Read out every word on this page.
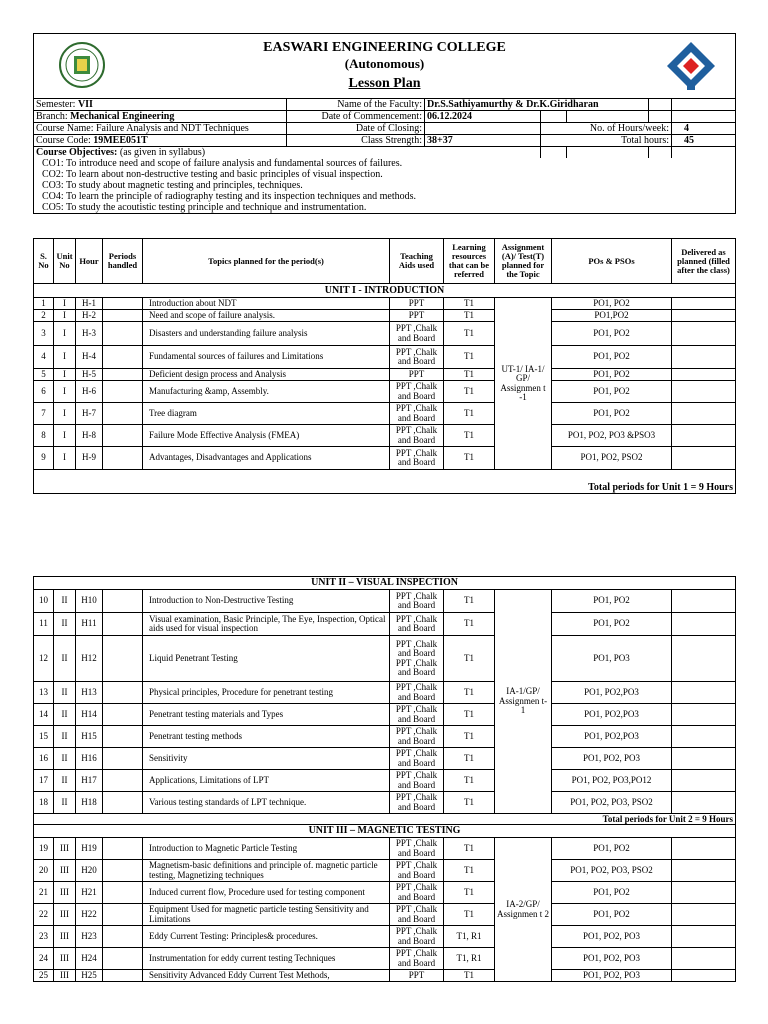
EASWARI ENGINEERING COLLEGE
(Autonomous)
Lesson Plan						

Semester: VII	Name of the Faculty:	Dr.S.Sathiyamurthy & Dr.K.Giridharan				
Branch: Mechanical Engineering	Date of Commencement:	06.12.2024				
Course Name: Failure Analysis and NDT Techniques	Date of Closing:		No. of Hours/week:			4
Course Code: 19MEE051T	Class Strength:	38+37	Total hours:			45
Course Objectives: (as given in syllabus)						
CO1: To introduce need and scope of failure analysis and fundamental sources of failures.						
CO2: To learn about non-destructive testing and basic principles of visual inspection.						
CO3: To study about magnetic testing and principles, techniques.						
CO4: To learn the principle of radiography testing and its inspection techniques and methods.						
CO5: To study the acoutistic testing principle and technique and instrumentation.						
S. No	Unit No	Hour	Periods handled	Topics planned for the period(s)	Teaching Aids used	Learning resources that can be referred	Assignment (A)/ Test(T) planned for the Topic	POs & PSOs	Delivered as planned (filled after the class)
UNIT I - INTRODUCTION									
1	I	H-1		Introduction about NDT	PPT	T1	UT-1/ IA-1/ GP/ Assignmen t -1	PO1, PO2	
2	I	H-2		Need and scope of failure analysis.	PPT	T1		PO1,PO2	
3	I	H-3		Disasters and understanding failure analysis	PPT ,Chalk and Board	T1		PO1, PO2	
4	I	H-4		Fundamental sources of failures and Limitations	PPT ,Chalk and Board	T1		PO1, PO2	
5	I	H-5		Deficient design process and Analysis	PPT	T1		PO1, PO2	
6	I	H-6		Manufacturing &amp, Assembly.	PPT ,Chalk and Board	T1		PO1, PO2	
7	I	H-7		Tree diagram	PPT ,Chalk and Board	T1		PO1, PO2	
8	I	H-8		Failure Mode Effective Analysis (FMEA)	PPT ,Chalk and Board	T1		PO1, PO2, PO3 &PSO3	
9	I	H-9		Advantages, Disadvantages and Applications	PPT ,Chalk and Board	T1		PO1, PO2, PSO2	
Total periods for Unit 1 = 9 Hours									
UNIT II – VISUAL INSPECTION									
10	II	H10		Introduction to Non-Destructive Testing	PPT ,Chalk and Board	T1	IA-1/GP/ Assignmen t-1	PO1, PO2	
11	II	H11		Visual examination, Basic Principle, The Eye, Inspection, Optical aids used for visual inspection	PPT ,Chalk and Board	T1		PO1, PO2	
12	II	H12		Liquid Penetrant Testing	PPT ,Chalk and Board PPT ,Chalk and Board	T1		PO1, PO3	
13	II	H13		Physical principles, Procedure for penetrant testing	PPT ,Chalk and Board	T1		PO1, PO2,PO3	
14	II	H14		Penetrant testing materials and Types	PPT ,Chalk and Board	T1		PO1, PO2,PO3	
15	II	H15		Penetrant testing methods	PPT ,Chalk and Board	T1		PO1, PO2,PO3	
16	II	H16		Sensitivity	PPT ,Chalk and Board	T1		PO1, PO2, PO3	
17	II	H17		Applications, Limitations of LPT	PPT ,Chalk and Board	T1		PO1, PO2, PO3,PO12	
18	II	H18		Various testing standards of LPT technique.	PPT ,Chalk and Board	T1		PO1, PO2, PO3, PSO2	
Total periods for Unit 2 = 9 Hours									
UNIT III – MAGNETIC TESTING									
19	III	H19		Introduction to Magnetic Particle Testing	PPT ,Chalk and Board	T1	IA-2/GP/ Assignmen t 2	PO1, PO2	
20	III	H20		Magnetism-basic definitions and principle of. magnetic particle testing, Magnetizing techniques	PPT ,Chalk and Board	T1		PO1, PO2, PO3, PSO2	
21	III	H21		Induced current flow, Procedure used for testing component	PPT ,Chalk and Board	T1		PO1, PO2	
22	III	H22		Equipment Used for magnetic particle testing Sensitivity and Limitations	PPT ,Chalk and Board	T1		PO1, PO2	
23	III	H23		Eddy Current Testing: Principles& procedures.	PPT ,Chalk and Board	T1, R1		PO1, PO2, PO3	
24	III	H24		Instrumentation for eddy current testing Techniques	PPT ,Chalk and Board	T1, R1		PO1, PO2, PO3	
25	III	H25		Sensitivity Advanced Eddy Current Test Methods,	PPT	T1		PO1, PO2, PO3	
